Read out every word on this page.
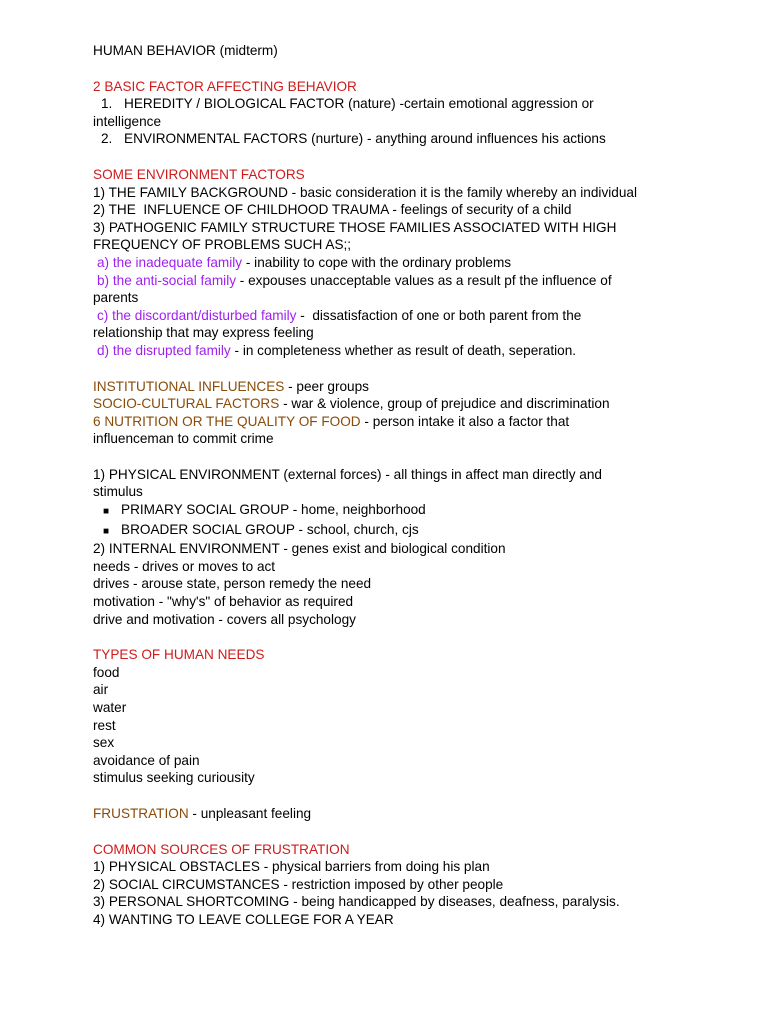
HUMAN BEHAVIOR (midterm)
2 BASIC FACTOR AFFECTING BEHAVIOR
1. HEREDITY / BIOLOGICAL FACTOR (nature) -certain emotional aggression or
intelligence
2. ENVIRONMENTAL FACTORS (nurture) - anything around influences his actions
SOME ENVIRONMENT FACTORS
1) THE FAMILY BACKGROUND - basic consideration it is the family whereby an individual
2) THE  INFLUENCE OF CHILDHOOD TRAUMA - feelings of security of a child
3) PATHOGENIC FAMILY STRUCTURE THOSE FAMILIES ASSOCIATED WITH HIGH
FREQUENCY OF PROBLEMS SUCH AS;;
a) the inadequate family - inability to cope with the ordinary problems
b) the anti-social family - expouses unacceptable values as a result pf the influence of
parents
c) the discordant/disturbed family -  dissatisfaction of one or both parent from the
relationship that may express feeling
d) the disrupted family - in completeness whether as result of death, seperation.
INSTITUTIONAL INFLUENCES - peer groups
SOCIO-CULTURAL FACTORS - war & violence, group of prejudice and discrimination
6 NUTRITION OR THE QUALITY OF FOOD - person intake it also a factor that
influenceman to commit crime
1) PHYSICAL ENVIRONMENT (external forces) - all things in affect man directly and
stimulus
■ PRIMARY SOCIAL GROUP - home, neighborhood
■ BROADER SOCIAL GROUP - school, church, cjs
2) INTERNAL ENVIRONMENT - genes exist and biological condition
needs - drives or moves to act
drives - arouse state, person remedy the need
motivation - "why's" of behavior as required
drive and motivation - covers all psychology
TYPES OF HUMAN NEEDS
food
air
water
rest
sex
avoidance of pain
stimulus seeking curiousity
FRUSTRATION - unpleasant feeling
COMMON SOURCES OF FRUSTRATION
1) PHYSICAL OBSTACLES - physical barriers from doing his plan
2) SOCIAL CIRCUMSTANCES - restriction imposed by other people
3) PERSONAL SHORTCOMING - being handicapped by diseases, deafness, paralysis.
4) WANTING TO LEAVE COLLEGE FOR A YEAR
